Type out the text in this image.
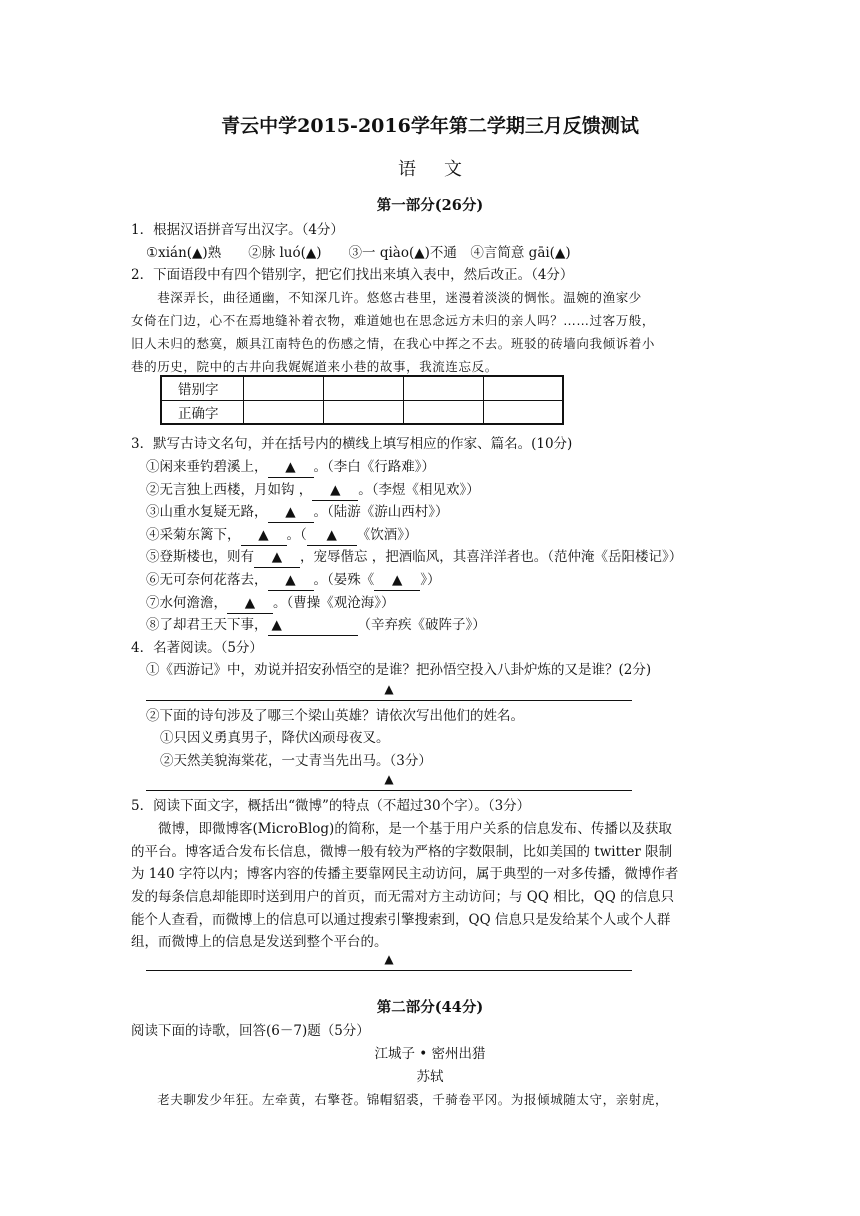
青云中学2015-2016学年第二学期三月反馈测试
语文
第一部分(26分)
1．根据汉语拼音写出汉字。（4分）
①xián(▲)熟　　②脉 luó(▲)　　③一 qiào(▲)不通　④言简意 gāi(▲)
2．下面语段中有四个错别字，把它们找出来填入表中，然后改正。（4分）
　　巷深弄长，曲径通幽，不知深几许。悠悠古巷里，迷漫着淡淡的惆怅。温婉的渔家少
女倚在门边，心不在焉地缝补着衣物，难道她也在思念远方未归的亲人吗？……过客万般，
旧人未归的愁寞，颇具江南特色的伤感之情，在我心中挥之不去。班驳的砖墙向我倾诉着小
巷的历史，院中的古井向我娓娓道来小巷的故事，我流连忘反。
错别字				
正确字				
3．默写古诗文名句，并在括号内的横线上填写相应的作家、篇名。(10分)
①闲来垂钓碧溪上， ▲ 。（李白《行路难》）
②无言独上西楼，月如钩 ， ▲ 。（李煜《相见欢》）
③山重水复疑无路， ▲ 。（陆游《游山西村》）
④采菊东篱下， ▲ 。（ ▲ 《饮酒》）
⑤登斯楼也，则有 ▲ ，宠辱偕忘 ，把酒临风，其喜洋洋者也。（范仲淹《岳阳楼记》）
⑥无可奈何花落去， ▲ 。（晏殊《 ▲ 》）
⑦水何澹澹， ▲ 。（曹操《观沧海》）
⑧了却君王天下事， ▲	（辛弃疾《破阵子》）
4．名著阅读。（5分）
①《西游记》中，劝说并招安孙悟空的是谁？把孙悟空投入八卦炉炼的又是谁？(2分)
▲
②下面的诗句涉及了哪三个梁山英雄？请依次写出他们的姓名。
①只因义勇真男子，降伏凶顽母夜叉。
②天然美貌海棠花，一丈青当先出马。（3分）
▲
5．阅读下面文字，概括出“微博”的特点（不超过30个字）。（3分）
　　微博，即微博客(MicroBlog)的简称，是一个基于用户关系的信息发布、传播以及获取
的平台。博客适合发布长信息，微博一般有较为严格的字数限制，比如美国的 twitter 限制
为 140 字符以内；博客内容的传播主要靠网民主动访问，属于典型的一对多传播，微博作者
发的每条信息却能即时送到用户的首页，而无需对方主动访问；与 QQ 相比，QQ 的信息只
能个人查看，而微博上的信息可以通过搜索引擎搜索到，QQ 信息只是发给某个人或个人群
组，而微博上的信息是发送到整个平台的。
▲
第二部分(44分)
阅读下面的诗歌，回答(6－7)题（5分）
江城子 • 密州出猎
苏轼
　　老夫聊发少年狂。左牵黄，右擎苍。锦帽貂裘，千骑卷平冈。为报倾城随太守，亲射虎，
